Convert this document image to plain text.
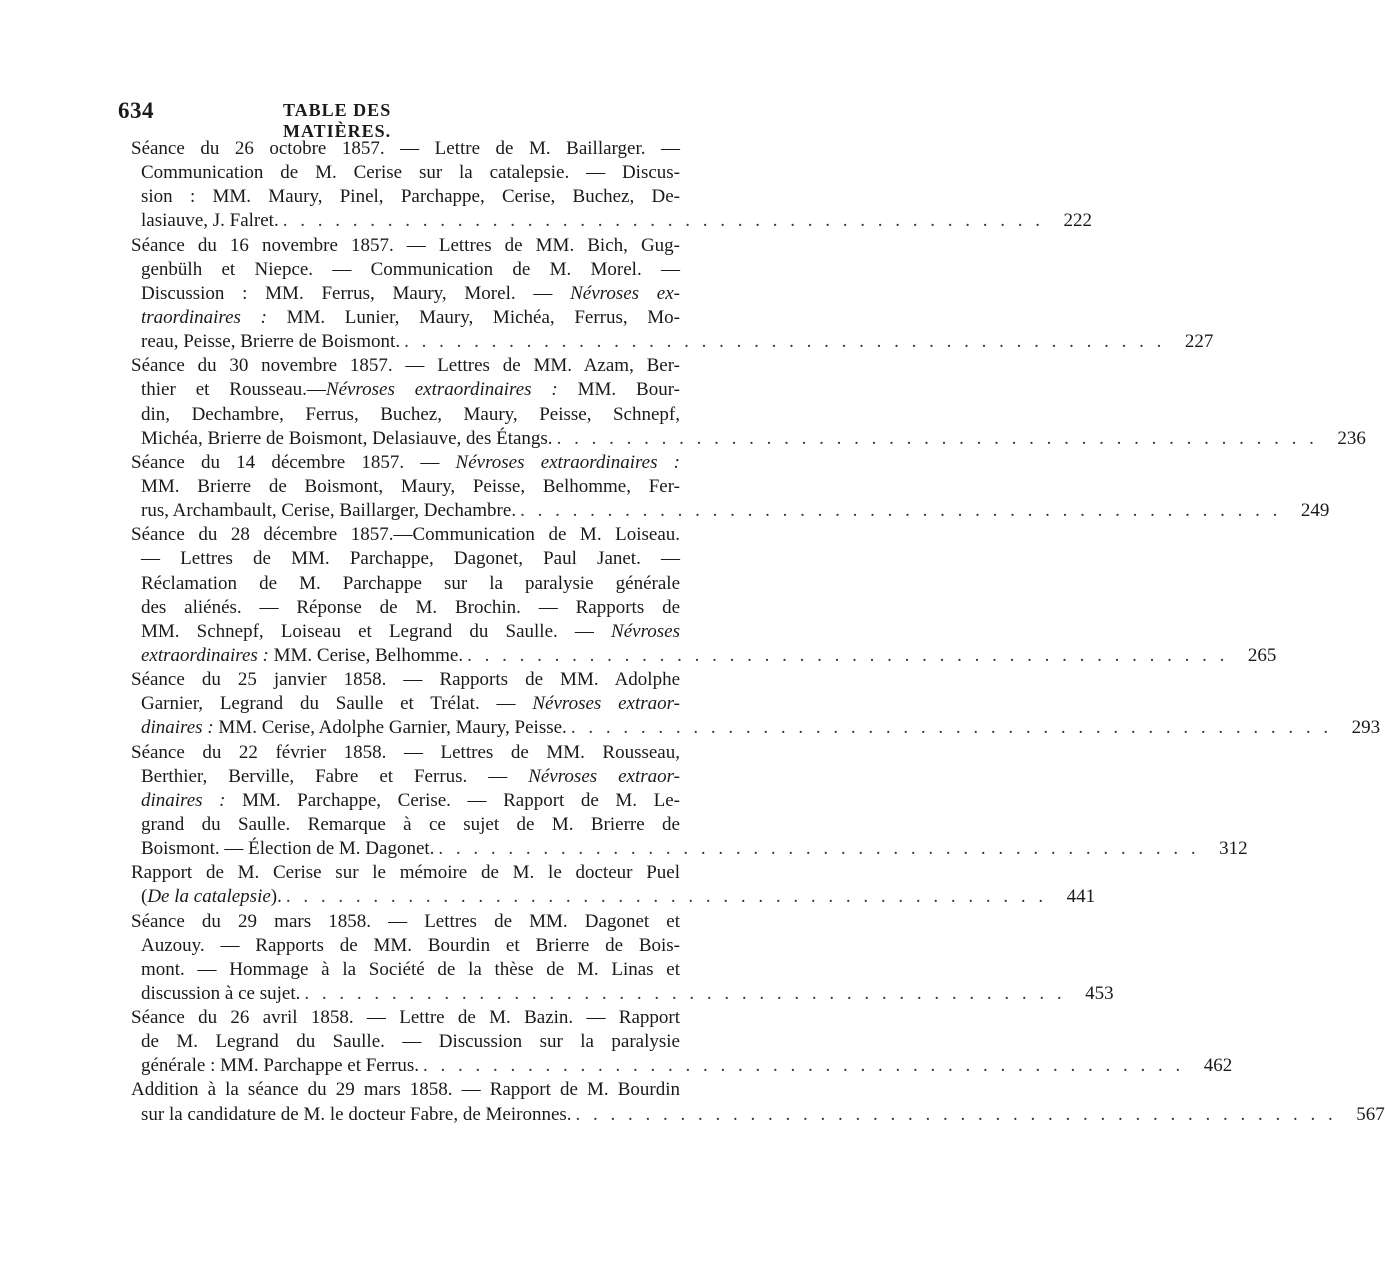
634	TABLE DES MATIÈRES.
Séance du 26 octobre 1857. — Lettre de M. Baillarger. —
Communication de M. Cerise sur la catalepsie. — Discus-
sion : MM. Maury, Pinel, Parchappe, Cerise, Buchez, De-
lasiauve, J. Falret. . . . . . . . . . . . . . . . . . . . . . . . . . . . . . . . . . . . . . . . . . . . .	222
Séance du 16 novembre 1857. — Lettres de MM. Bich, Gug-
genbülh et Niepce. — Communication de M. Morel. —
Discussion : MM. Ferrus, Maury, Morel. — Névroses ex-
traordinaires : MM. Lunier, Maury, Michéa, Ferrus, Mo-
reau, Peisse, Brierre de Boismont. . . . . . . . . . . . . . . . . . . . . . . . . . . . . . . . . . . . . . . . . . . . .	227
Séance du 30 novembre 1857. — Lettres de MM. Azam, Ber-
thier et Rousseau.—Névroses extraordinaires : MM. Bour-
din, Dechambre, Ferrus, Buchez, Maury, Peisse, Schnepf,
Michéa, Brierre de Boismont, Delasiauve, des Étangs. . . . . . . . . . . . . . . . . . . . . . . . . . . . . . . . . . . . . . . . . . . . .	236
Séance du 14 décembre 1857. — Névroses extraordinaires :
MM. Brierre de Boismont, Maury, Peisse, Belhomme, Fer-
rus, Archambault, Cerise, Baillarger, Dechambre. . . . . . . . . . . . . . . . . . . . . . . . . . . . . . . . . . . . . . . . . . . . .	249
Séance du 28 décembre 1857.—Communication de M. Loiseau.
— Lettres de MM. Parchappe, Dagonet, Paul Janet. —
Réclamation de M. Parchappe sur la paralysie générale
des aliénés. — Réponse de M. Brochin. — Rapports de
MM. Schnepf, Loiseau et Legrand du Saulle. — Névroses
extraordinaires : MM. Cerise, Belhomme. . . . . . . . . . . . . . . . . . . . . . . . . . . . . . . . . . . . . . . . . . . . .	265
Séance du 25 janvier 1858. — Rapports de MM. Adolphe
Garnier, Legrand du Saulle et Trélat. — Névroses extraor-
dinaires : MM. Cerise, Adolphe Garnier, Maury, Peisse. . . . . . . . . . . . . . . . . . . . . . . . . . . . . . . . . . . . . . . . . . . . .	293
Séance du 22 février 1858. — Lettres de MM. Rousseau,
Berthier, Berville, Fabre et Ferrus. — Névroses extraor-
dinaires : MM. Parchappe, Cerise. — Rapport de M. Le-
grand du Saulle. Remarque à ce sujet de M. Brierre de
Boismont. — Élection de M. Dagonet. . . . . . . . . . . . . . . . . . . . . . . . . . . . . . . . . . . . . . . . . . . . .	312
Rapport de M. Cerise sur le mémoire de M. le docteur Puel
(De la catalepsie). . . . . . . . . . . . . . . . . . . . . . . . . . . . . . . . . . . . . . . . . . . . .	441
Séance du 29 mars 1858. — Lettres de MM. Dagonet et
Auzouy. — Rapports de MM. Bourdin et Brierre de Bois-
mont. — Hommage à la Société de la thèse de M. Linas et
discussion à ce sujet. . . . . . . . . . . . . . . . . . . . . . . . . . . . . . . . . . . . . . . . . . . . .	453
Séance du 26 avril 1858. — Lettre de M. Bazin. — Rapport
de M. Legrand du Saulle. — Discussion sur la paralysie
générale : MM. Parchappe et Ferrus. . . . . . . . . . . . . . . . . . . . . . . . . . . . . . . . . . . . . . . . . . . . .	462
Addition à la séance du 29 mars 1858. — Rapport de M. Bourdin
sur la candidature de M. le docteur Fabre, de Meironnes. . . . . . . . . . . . . . . . . . . . . . . . . . . . . . . . . . . . . . . . . . . . .	567
